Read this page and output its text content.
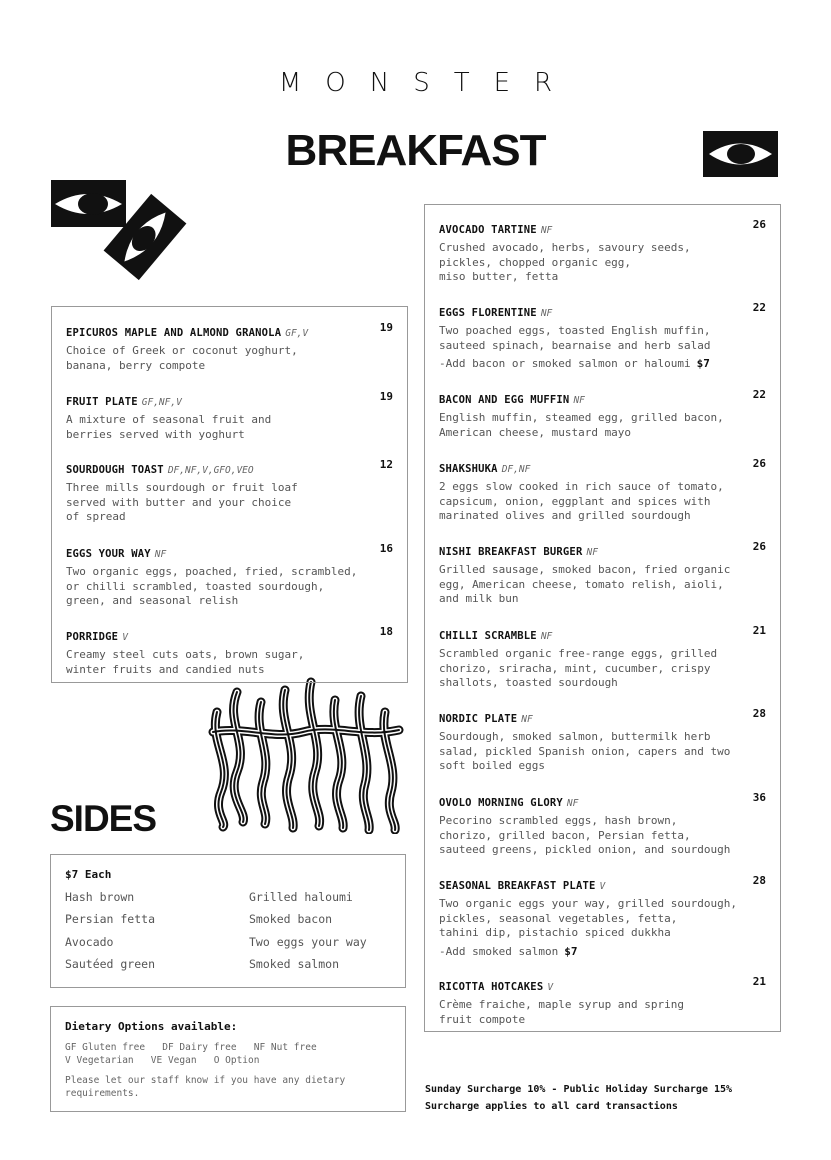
MONSTER
BREAKFAST
SIDES
EPICUROS MAPLE AND ALMOND GRANOLA GF,V	19
Choice of Greek or coconut yoghurt,
banana, berry compote
FRUIT PLATE GF,NF,V	19
A mixture of seasonal fruit and
berries served with yoghurt
SOURDOUGH TOAST DF,NF,V,GFO,VEO	12
Three mills sourdough or fruit loaf
served with butter and your choice
of spread
EGGS YOUR WAY NF	16
Two organic eggs, poached, fried, scrambled,
or chilli scrambled, toasted sourdough,
green, and seasonal relish
PORRIDGE V	18
Creamy steel cuts oats, brown sugar,
winter fruits and candied nuts
AVOCADO TARTINE NF	26
Crushed avocado, herbs, savoury seeds,
pickles, chopped organic egg,
miso butter, fetta
EGGS FLORENTINE NF	22
Two poached eggs, toasted English muffin,
sauteed spinach, bearnaise and herb salad
-Add bacon or smoked salmon or haloumi $7
BACON AND EGG MUFFIN NF	22
English muffin, steamed egg, grilled bacon,
American cheese, mustard mayo
SHAKSHUKA DF,NF	26
2 eggs slow cooked in rich sauce of tomato,
capsicum, onion, eggplant and spices with
marinated olives and grilled sourdough
NISHI BREAKFAST BURGER NF	26
Grilled sausage, smoked bacon, fried organic
egg, American cheese, tomato relish, aioli,
and milk bun
CHILLI SCRAMBLE NF	21
Scrambled organic free-range eggs, grilled
chorizo, sriracha, mint, cucumber, crispy
shallots, toasted sourdough
NORDIC PLATE NF	28
Sourdough, smoked salmon, buttermilk herb
salad, pickled Spanish onion, capers and two
soft boiled eggs
OVOLO MORNING GLORY NF	36
Pecorino scrambled eggs, hash brown,
chorizo, grilled bacon, Persian fetta,
sauteed greens, pickled onion, and sourdough
SEASONAL BREAKFAST PLATE V	28
Two organic eggs your way, grilled sourdough,
pickles, seasonal vegetables, fetta,
tahini dip, pistachio spiced dukkha
-Add smoked salmon $7
RICOTTA HOTCAKES V	21
Crème fraiche, maple syrup and spring
fruit compote
$7 Each
Hash brown	Grilled haloumi
Persian fetta	Smoked bacon
Avocado	Two eggs your way
Sautéed green	Smoked salmon
Dietary Options available:
GF Gluten free   DF Dairy free   NF Nut free
V Vegetarian   VE Vegan   O Option
Please let our staff know if you have any dietary
requirements.	Sunday Surcharge 10% - Public Holiday Surcharge 15%
Surcharge applies to all card transactions
